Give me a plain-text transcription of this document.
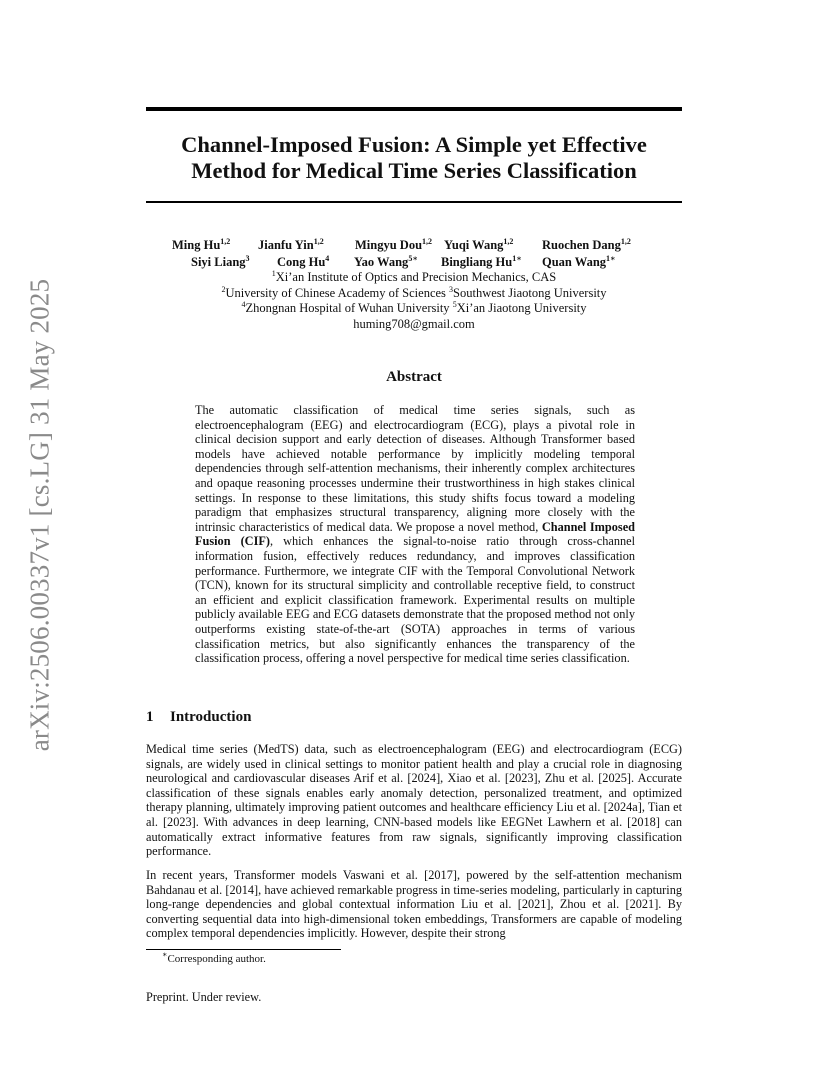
arXiv:2506.00337v1 [cs.LG] 31 May 2025
Channel-Imposed Fusion: A Simple yet Effective Method for Medical Time Series Classification
Ming Hu$^{1,2}$ Jianfu Yin$^{1,2}$	Mingyu Dou$^{1,2}$ Yuqi Wang$^{1,2}$ Ruochen Dang$^{1,2}$
Siyi Liang$^3$ Cong Hu$^4$ Yao Wang$^{5∗}$ Bingliang $Hu^{1∗}$ Quan Wang$^{1∗}$
$^1$Xi’an Institute of Optics and Precision Mechanics, CAS
$^2$University of Chinese Academy of Sciences $^3$Southwest Jiaotong University
$^4$Zhongnan Hospital of Wuhan University $^5$Xi’an Jiaotong University
huming708@gmail.com
Abstract

The automatic classification of medical time series signals, such as electroencephalogram (EEG) and electrocardiogram (ECG), plays a pivotal role in clinical decision support and early detection of diseases. Although Transformer based models have achieved notable performance by implicitly modeling temporal dependencies through self-attention mechanisms, their inherently complex architectures and opaque reasoning processes undermine their trustworthiness in high stakes clinical settings. In response to these limitations, this study shifts focus toward a modeling paradigm that emphasizes structural transparency, aligning more closely with the intrinsic characteristics of medical data. We propose a novel method, Channel Imposed Fusion (CIF), which enhances the signal-to-noise ratio through cross-channel information fusion, effectively reduces redundancy, and improves classification performance. Furthermore, we integrate CIF with the Temporal Convolutional Network (TCN), known for its structural simplicity and controllable receptive field, to construct an efficient and explicit classification framework. Experimental results on multiple publicly available EEG and ECG datasets demonstrate that the proposed method not only outperforms existing state-of-the-art (SOTA) approaches in terms of various classification metrics, but also significantly enhances the transparency of the classification process, offering a novel perspective for medical time series classification.

1 Introduction

Medical time series (MedTS) data, such as electroencephalogram (EEG) and electrocardiogram (ECG) signals, are widely used in clinical settings to monitor patient health and play a crucial role in diagnosing neurological and cardiovascular diseases Arif et al. [2024], Xiao et al. [2023], Zhu et al. [2025]. Accurate classification of these signals enables early anomaly detection, personalized treatment, and optimized therapy planning, ultimately improving patient outcomes and healthcare efficiency Liu et al. [2024a], Tian et al. [2023]. With advances in deep learning, CNN-based models like EEGNet Lawhern et al. [2018] can automatically extract informative features from raw signals, significantly improving classification performance.

In recent years, Transformer models Vaswani et al. [2017], powered by the self-attention mechanism Bahdanau et al. [2014], have achieved remarkable progress in time-series modeling, particularly in capturing long-range dependencies and global contextual information Liu et al. [2021], Zhou et al. [2021]. By converting sequential data into high-dimensional token embeddings, Transformers are capable of modeling complex temporal dependencies implicitly. However, despite their strong

∗Corresponding author.
Preprint. Under review.
